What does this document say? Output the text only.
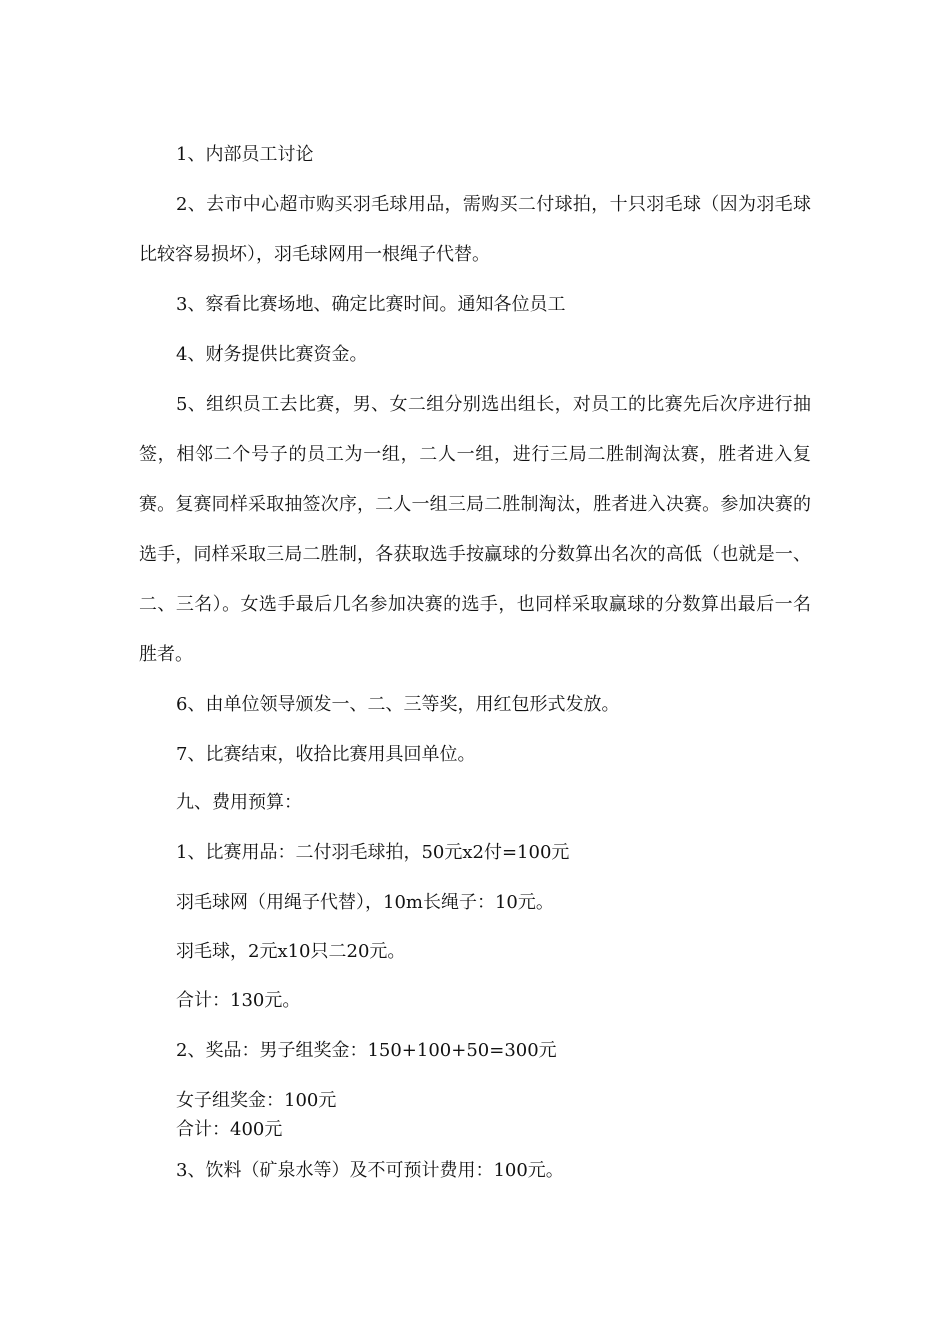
1、内部员工讨论

2、去市中心超市购买羽毛球用品，需购买二付球拍，十只羽毛球（因为羽毛球比较容易损坏），羽毛球网用一根绳子代替。

3、察看比赛场地、确定比赛时间。通知各位员工

4、财务提供比赛资金。

5、组织员工去比赛，男、女二组分别选出组长，对员工的比赛先后次序进行抽签，相邻二个号子的员工为一组，二人一组，进行三局二胜制淘汰赛，胜者进入复赛。复赛同样采取抽签次序，二人一组三局二胜制淘汰，胜者进入决赛。参加决赛的选手，同样采取三局二胜制，各获取选手按赢球的分数算出名次的高低（也就是一、二、三名）。女选手最后几名参加决赛的选手，也同样采取赢球的分数算出最后一名胜者。

6、由单位领导颁发一、二、三等奖，用红包形式发放。

7、比赛结束，收拾比赛用具回单位。

九、费用预算：

1、比赛用品：二付羽毛球拍，50元x2付=100元

羽毛球网（用绳子代替），10m长绳子：10元。

羽毛球，2元x10只二20元。

合计：130元。

2、奖品：男子组奖金：150+100+50=300元

女子组奖金：100元

合计：400元

3、饮料（矿泉水等）及不可预计费用：100元。
